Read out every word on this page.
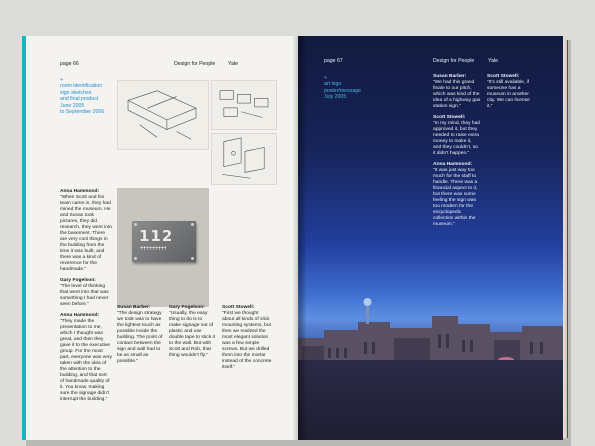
page 66	Design for People Yale
+
room identification
sign sketches
and final product
June 2005
to September 2006
112

Anna Hammond:
“When Scott and his team came in, they had mined the museum. He and Susan took pictures, they did research, they went into the basement. There are very cool things in the building from the time it was built, and there was a kind of reverence for the handmade.”

Gary Fogelson:
“The level of thinking that went into that was something I had never seen before.”

Anna Hammond:
“They made the presentation to me, which I thought was great, and then they gave it to the executive group. For the most part, everyone was very taken with the idea of the attention to the building, and that sort of handmade quality of it. You know, making sure the signage didn’t interrupt the building.”

Susan Barber:
“The design strategy we took was to have the lightest touch as possible inside the building. The point of contact between the sign and wall had to be as small as possible.”

Gary Fogelson:
“Usually, the easy thing to do is to make signage out of plastic and use double tape to stick it to the wall. But with Scott and Rob, that thing wouldn’t fly.”

Scott Stowell:
“First we thought about all kinds of slick mounting systems, but then we realized the most elegant solution was a few simple screws. But we drilled them into the mortar instead of the concrete itself.”

page 67	Design for People	Yale
+
art logo
poster/message
July 2005

Susan Barber:
“We had this grand finale to our pitch, which was kind of the idea of a highway gas station sign.”

Scott Stowell:
“In my mind, they had approved it, but they needed to raise extra money to make it, and they couldn’t, so it didn’t happen.”

Anna Hammond:
“It was just way too much for the staff to handle. There was a financial aspect to it, but there was some feeling the sign was too modern for the encyclopedic collection within the museum.”

Scott Stowell:
“It’s still available, if someone has a museum in another city. We can license it.”
